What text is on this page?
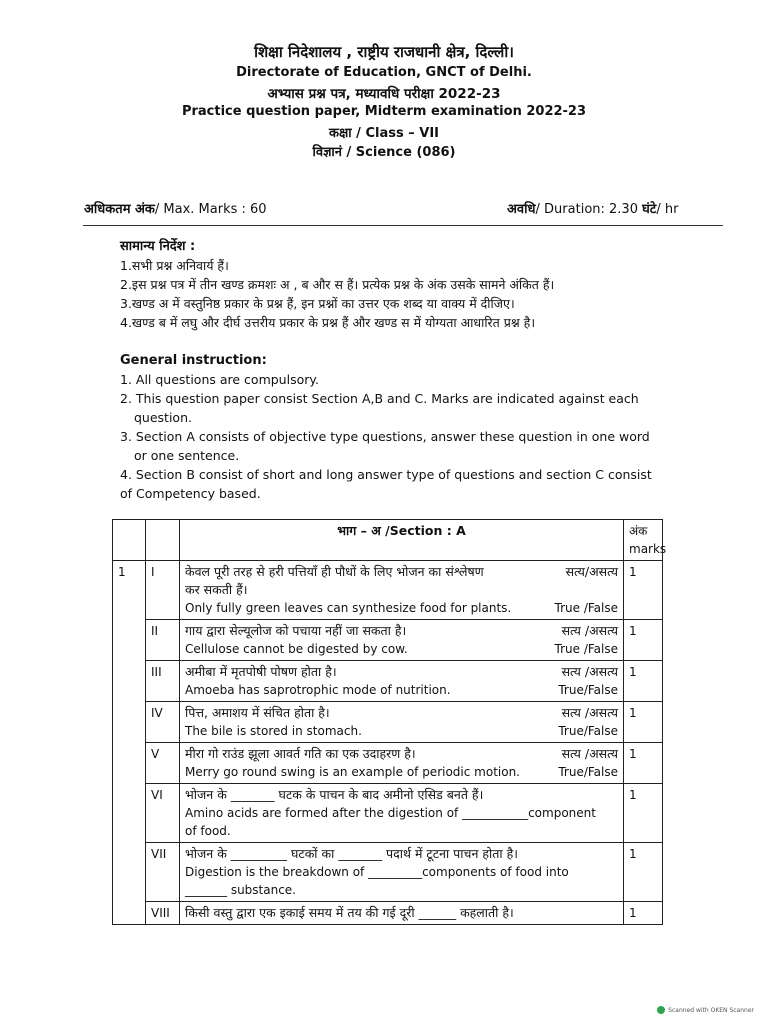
शिक्षा निदेशालय , राष्ट्रीय राजधानी क्षेत्र, दिल्ली।
Directorate of Education, GNCT of Delhi.
अभ्यास प्रश्न पत्र, मध्यावधि परीक्षा 2022-23
Practice question paper, Midterm examination 2022-23
कक्षा / Class – VII
विज्ञानं / Science (086)
अधिकतम अंक/ Max. Marks : 60	अवधि/ Duration: 2.30 घंटे/ hr

सामान्य निर्देश :

1.सभी प्रश्न अनिवार्य हैं।

2.इस प्रश्न पत्र में तीन खण्ड क्रमशः अ , ब और स हैं। प्रत्येक प्रश्न के अंक उसके सामने अंकित हैं।

3.खण्ड अ में वस्तुनिष्ठ प्रकार के प्रश्न हैं, इन प्रश्नों का उत्तर एक शब्द या वाक्य में दीजिए।

4.खण्ड ब में लघु और दीर्घ उत्तरीय प्रकार के प्रश्न हैं और खण्ड स में योग्यता आधारित प्रश्न है।

General instruction:

1. All questions are compulsory.

2. This question paper consist Section A,B and C. Marks are indicated against each

question.

3. Section A consists of objective type questions, answer these question in one word

or one sentence.

4. Section B consist of short and long answer type of questions and section C consist

of Competency based.

		भाग – अ /Section : A	अंक
marks

1	I	केवल पूरी तरह से हरी पत्तियाँ ही पौधों के लिए भोजन का संश्लेषण सत्य/असत्य
कर सकती हैं।
Only fully green leaves can synthesize food for plants. True /False	1
	II	गाय द्वारा सेल्यूलोज को पचाया नहीं जा सकता है। सत्य /असत्य
Cellulose cannot be digested by cow. True /False	1
	III	अमीबा में मृतपोषी पोषण होता है। सत्य /असत्य
Amoeba has saprotrophic mode of nutrition. True/False	1
	IV	पित्त, अमाशय में संचित होता है। सत्य /असत्य
The bile is stored in stomach. True/False	1
	V	मीरा गो राउंड झूला आवर्त गति का एक उदाहरण है। सत्य /असत्य
Merry go round swing is an example of periodic motion. True/False	1
	VI	भोजन के _______ घटक के पाचन के बाद अमीनो एसिड बनते हैं।
Amino acids are formed after the digestion of ___________component
of food.	1
	VII	भोजन के _________ घटकों का _______ पदार्थ में टूटना पाचन होता है।
Digestion is the breakdown of _________components of food into
_______ substance.	1
	VIII	किसी वस्तु द्वारा एक इकाई समय में तय की गई दूरी ______ कहलाती है।	1
Scanned with OKEN Scanner
